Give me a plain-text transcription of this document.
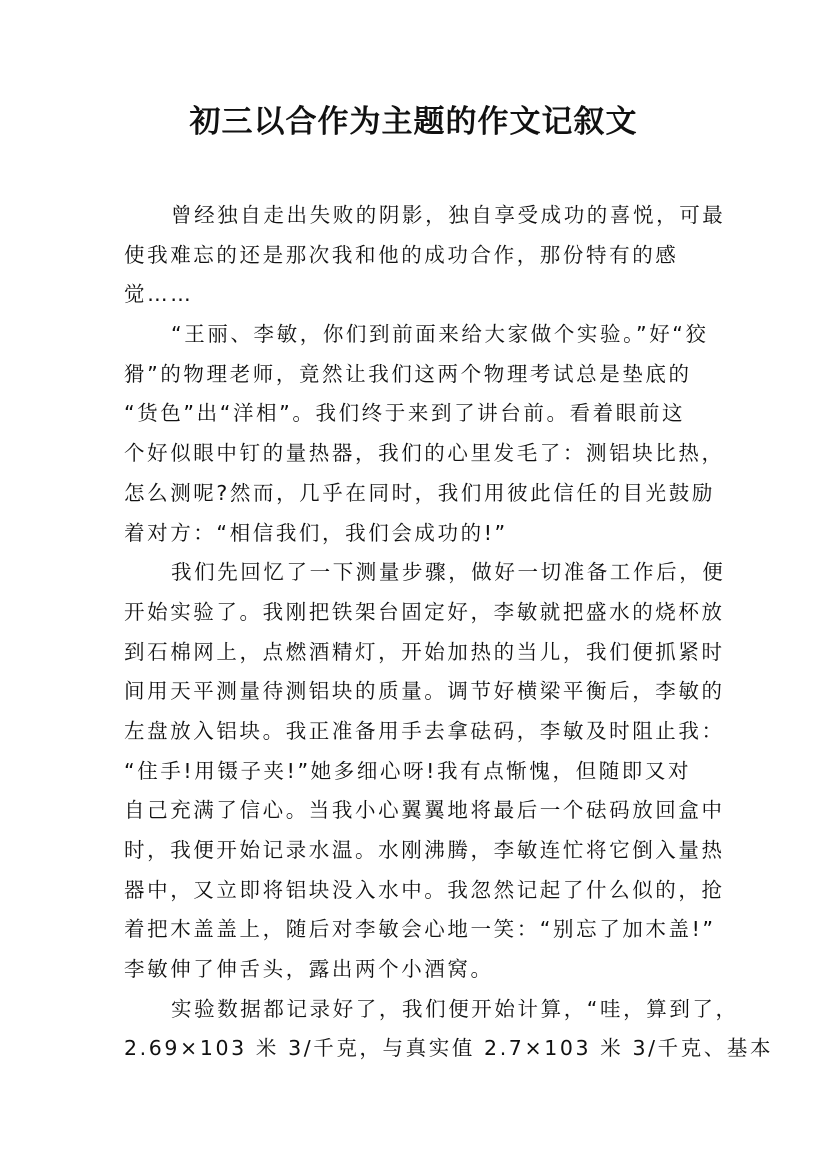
初三以合作为主题的作文记叙文
曾经独自走出失败的阴影，独自享受成功的喜悦，可最
使我难忘的还是那次我和他的成功合作，那份特有的感
觉……
“王丽、李敏，你们到前面来给大家做个实验。”好“狡
猾”的物理老师，竟然让我们这两个物理考试总是垫底的
“货色”出“洋相”。我们终于来到了讲台前。看着眼前这
个好似眼中钉的量热器，我们的心里发毛了：测铝块比热，
怎么测呢?然而，几乎在同时，我们用彼此信任的目光鼓励
着对方：“相信我们，我们会成功的!”
我们先回忆了一下测量步骤，做好一切准备工作后，便
开始实验了。我刚把铁架台固定好，李敏就把盛水的烧杯放
到石棉网上，点燃酒精灯，开始加热的当儿，我们便抓紧时
间用天平测量待测铝块的质量。调节好横梁平衡后，李敏的
左盘放入铝块。我正准备用手去拿砝码，李敏及时阻止我：
“住手!用镊子夹!”她多细心呀!我有点惭愧，但随即又对
自己充满了信心。当我小心翼翼地将最后一个砝码放回盒中
时，我便开始记录水温。水刚沸腾，李敏连忙将它倒入量热
器中，又立即将铝块没入水中。我忽然记起了什么似的，抢
着把木盖盖上，随后对李敏会心地一笑：“别忘了加木盖!”
李敏伸了伸舌头，露出两个小酒窝。
实验数据都记录好了，我们便开始计算，“哇，算到了，
2.69×103 米 3/千克，与真实值 2.7×103 米 3/千克、基本
